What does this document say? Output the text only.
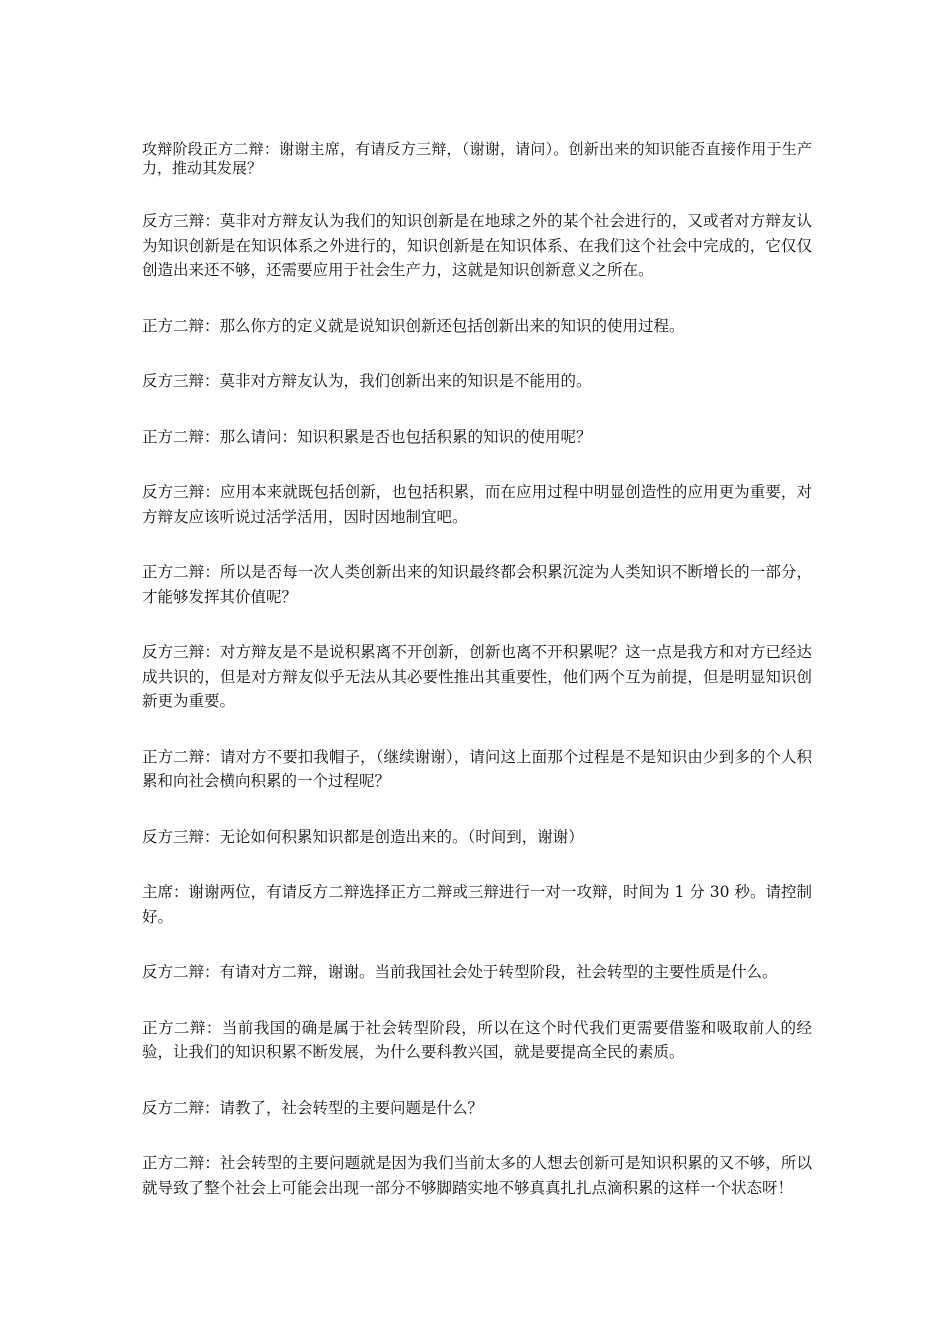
攻辩阶段正方二辩：谢谢主席，有请反方三辩，（谢谢，请问）。创新出来的知识能否直接作用于生产力，推动其发展？

反方三辩：莫非对方辩友认为我们的知识创新是在地球之外的某个社会进行的，又或者对方辩友认为知识创新是在知识体系之外进行的，知识创新是在知识体系、在我们这个社会中完成的，它仅仅创造出来还不够，还需要应用于社会生产力，这就是知识创新意义之所在。

正方二辩：那么你方的定义就是说知识创新还包括创新出来的知识的使用过程。

反方三辩：莫非对方辩友认为，我们创新出来的知识是不能用的。

正方二辩：那么请问：知识积累是否也包括积累的知识的使用呢？

反方三辩：应用本来就既包括创新，也包括积累，而在应用过程中明显创造性的应用更为重要，对方辩友应该听说过活学活用，因时因地制宜吧。

正方二辩：所以是否每一次人类创新出来的知识最终都会积累沉淀为人类知识不断增长的一部分，才能够发挥其价值呢？

反方三辩：对方辩友是不是说积累离不开创新，创新也离不开积累呢？这一点是我方和对方已经达成共识的，但是对方辩友似乎无法从其必要性推出其重要性，他们两个互为前提，但是明显知识创新更为重要。

正方二辩：请对方不要扣我帽子，（继续谢谢），请问这上面那个过程是不是知识由少到多的个人积累和向社会横向积累的一个过程呢？

反方三辩：无论如何积累知识都是创造出来的。（时间到，谢谢）

主席：谢谢两位，有请反方二辩选择正方二辩或三辩进行一对一攻辩，时间为 1 分 30 秒。请控制好。

反方二辩：有请对方二辩，谢谢。当前我国社会处于转型阶段，社会转型的主要性质是什么。

正方二辩：当前我国的确是属于社会转型阶段，所以在这个时代我们更需要借鉴和吸取前人的经验，让我们的知识积累不断发展，为什么要科教兴国，就是要提高全民的素质。

反方二辩：请教了，社会转型的主要问题是什么？

正方二辩：社会转型的主要问题就是因为我们当前太多的人想去创新可是知识积累的又不够，所以就导致了整个社会上可能会出现一部分不够脚踏实地不够真真扎扎点滴积累的这样一个状态呀！
